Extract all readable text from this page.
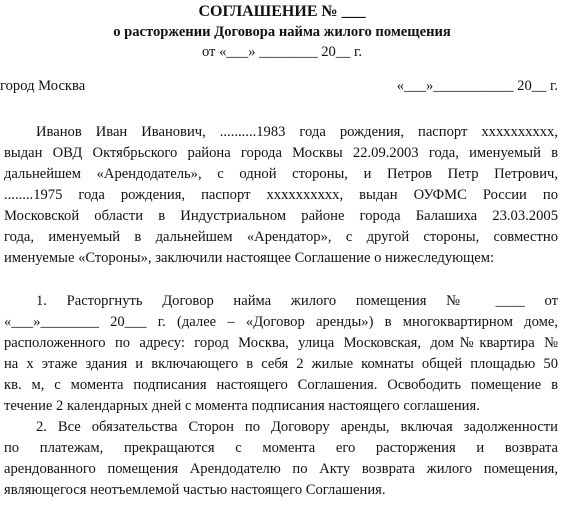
СОГЛАШЕНИЕ № ___
о расторжении Договора найма жилого помещения
от «___» ________ 20__ г.
город Москва	«___»___________ 20__ г.
Иванов Иван Иванович, ..........1983 года рождения, паспорт хххххххххх,
выдан ОВД Октябрьского района города Москвы 22.09.2003 года, именуемый в
дальнейшем «Арендодатель», с одной стороны, и Петров Петр Петрович,
........1975 года рождения, паспорт хххххххххх, выдан ОУФМС России по
Московской области в Индустриальном районе города Балашиха 23.03.2005
года, именуемый в дальнейшем «Арендатор», с другой стороны, совместно
именуемые «Стороны», заключили настоящее Соглашение о нижеследующем:
1. Расторгнуть Договор найма жилого помещения № ____ от
«___»________ 20___ г. (далее – «Договор аренды») в многоквартирном доме,
расположенного по адресу: город Москва, улица Московская, дом№квартира №
на х этаже здания и включающего в себя 2 жилые комнаты общей площадью 50
кв. м, с момента подписания настоящего Соглашения. Освободить помещение в
течение 2 календарных дней с момента подписания настоящего соглашения.
2. Все обязательства Сторон по Договору аренды, включая задолженности
по платежам, прекращаются с момента его расторжения и возврата
арендованного помещения Арендодателю по Акту возврата жилого помещения,
являющегося неотъемлемой частью настоящего Соглашения.
